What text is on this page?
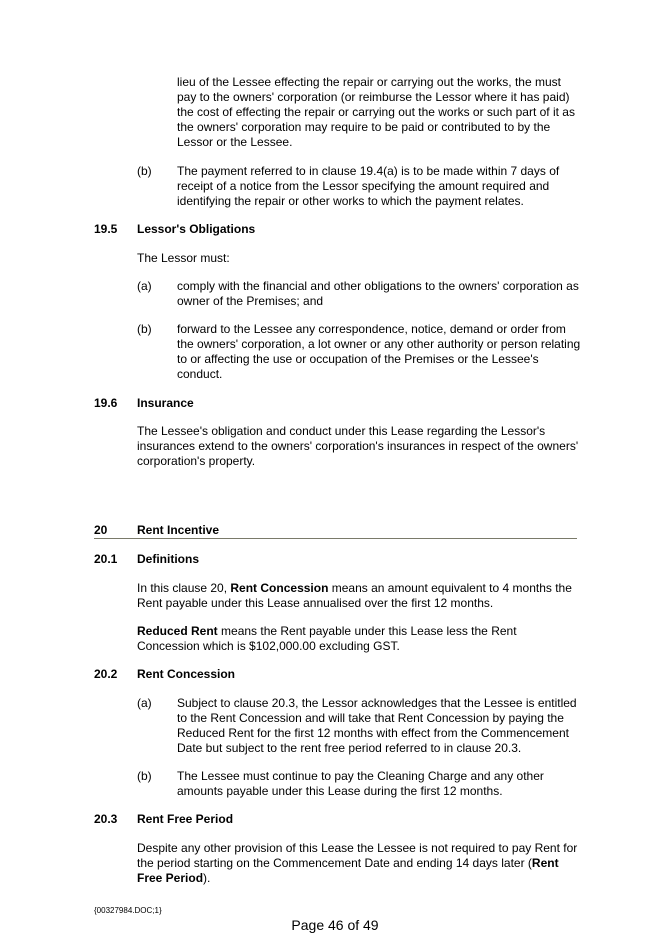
lieu of the Lessee effecting the repair or carrying out the works, the must
pay to the owners' corporation (or reimburse the Lessor where it has paid)
the cost of effecting the repair or carrying out the works or such part of it as
the owners' corporation may require to be paid or contributed to by the
Lessor or the Lessee.
(b) The payment referred to in clause 19.4(a) is to be made within 7 days of
receipt of a notice from the Lessor specifying the amount required and
identifying the repair or other works to which the payment relates.
19.5 Lessor's Obligations
The Lessor must:
(a) comply with the financial and other obligations to the owners' corporation as
owner of the Premises; and
(b) forward to the Lessee any correspondence, notice, demand or order from
the owners' corporation, a lot owner or any other authority or person relating
to or affecting the use or occupation of the Premises or the Lessee's
conduct.
19.6 Insurance
The Lessee's obligation and conduct under this Lease regarding the Lessor's
insurances extend to the owners' corporation's insurances in respect of the owners'
corporation's property.
20 Rent Incentive
20.1 Definitions
In this clause 20, Rent Concession means an amount equivalent to 4 months the
Rent payable under this Lease annualised over the first 12 months.
Reduced Rent means the Rent payable under this Lease less the Rent
Concession which is $102,000.00 excluding GST.
20.2 Rent Concession
(a) Subject to clause 20.3, the Lessor acknowledges that the Lessee is entitled
to the Rent Concession and will take that Rent Concession by paying the
Reduced Rent for the first 12 months with effect from the Commencement
Date but subject to the rent free period referred to in clause 20.3.
(b) The Lessee must continue to pay the Cleaning Charge and any other
amounts payable under this Lease during the first 12 months.
20.3 Rent Free Period
Despite any other provision of this Lease the Lessee is not required to pay Rent for
the period starting on the Commencement Date and ending 14 days later (Rent
Free Period).
{00327984.DOC;1}
Page 46 of 49
